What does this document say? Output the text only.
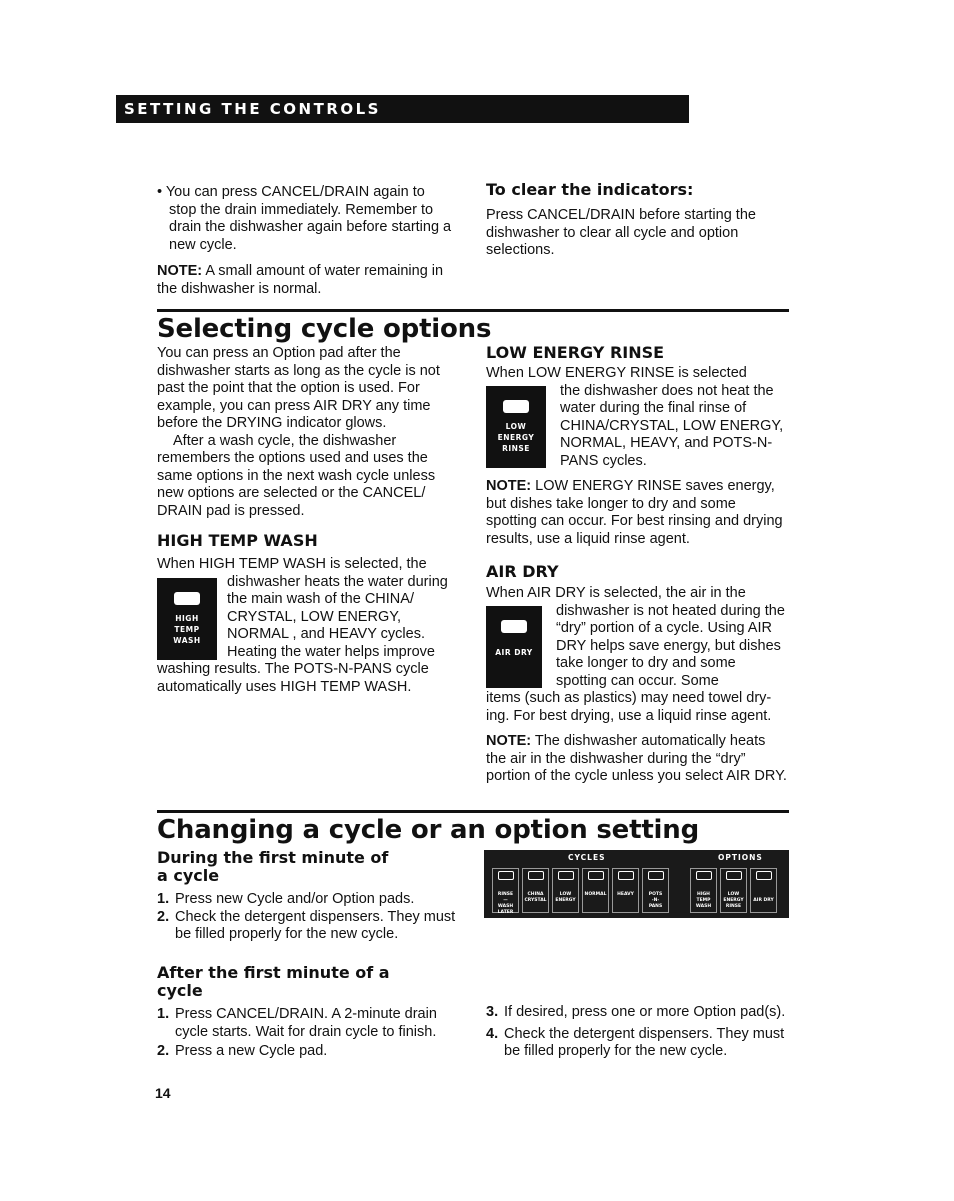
SETTING THE CONTROLS

• You can press CANCEL/DRAIN again to stop the drain immediately. Remember to drain the dishwasher again before starting a new cycle.

NOTE: A small amount of water remaining in the dishwasher is normal.

To clear the indicators:

Press CANCEL/DRAIN before starting the dishwasher to clear all cycle and option selections.

Selecting cycle options

You can press an Option pad after the dishwasher starts as long as the cycle is not past the point that the option is used. For example, you can press AIR DRY any time before the DRYING indicator glows.

After a wash cycle, the dishwasher remembers the options used and uses the same options in the next wash cycle unless new options are selected or the CANCEL/ DRAIN pad is pressed.

HIGH TEMP WASH

When HIGH TEMP WASH is selected, the

HIGH
TEMP
WASH

dishwasher heats the water during the main wash of the CHINA/ CRYSTAL, LOW ENERGY, NORMAL , and HEAVY cycles. Heating the water helps improve

washing results. The POTS-N-PANS cycle automatically uses HIGH TEMP WASH.

LOW ENERGY RINSE

When LOW ENERGY RINSE is selected

LOW
ENERGY
RINSE

the dishwasher does not heat the water during the final rinse of CHINA/CRYSTAL, LOW ENERGY, NORMAL, HEAVY, and POTS-N-PANS cycles.

NOTE: LOW ENERGY RINSE saves energy, but dishes take longer to dry and some spotting can occur. For best rinsing and drying results, use a liquid rinse agent.

AIR DRY

When AIR DRY is selected, the air in the

AIR DRY

dishwasher is not heated during the “dry” portion of a cycle. Using AIR DRY helps save energy, but dishes take longer to dry and some spotting can occur. Some

items (such as plastics) may need towel dry- ing. For best drying, use a liquid rinse agent.

NOTE: The dishwasher automatically heats the air in the dishwasher during the “dry” portion of the cycle unless you select AIR DRY.

Changing a cycle or an option setting
During the first minute of a cycle
1. Press new Cycle and/or Option pads.
2. Check the detergent dispensers. They must be filled properly for the new cycle.
After the first minute of a cycle
1. Press CANCEL/DRAIN. A 2-minute drain cycle starts. Wait for drain cycle to finish.
2. Press a new Cycle pad.
CYCLES	OPTIONS
RINSE
—
WASH
LATER
CHINA
CRYSTAL
LOW
ENERGY
NORMAL	HEAVY	POTS
-N-
PANS
HIGH
TEMP
WASH
LOW
ENERGY
RINSE
AIR DRY
3. If desired, press one or more Option pad(s).
4. Check the detergent dispensers. They must be filled properly for the new cycle.
14
